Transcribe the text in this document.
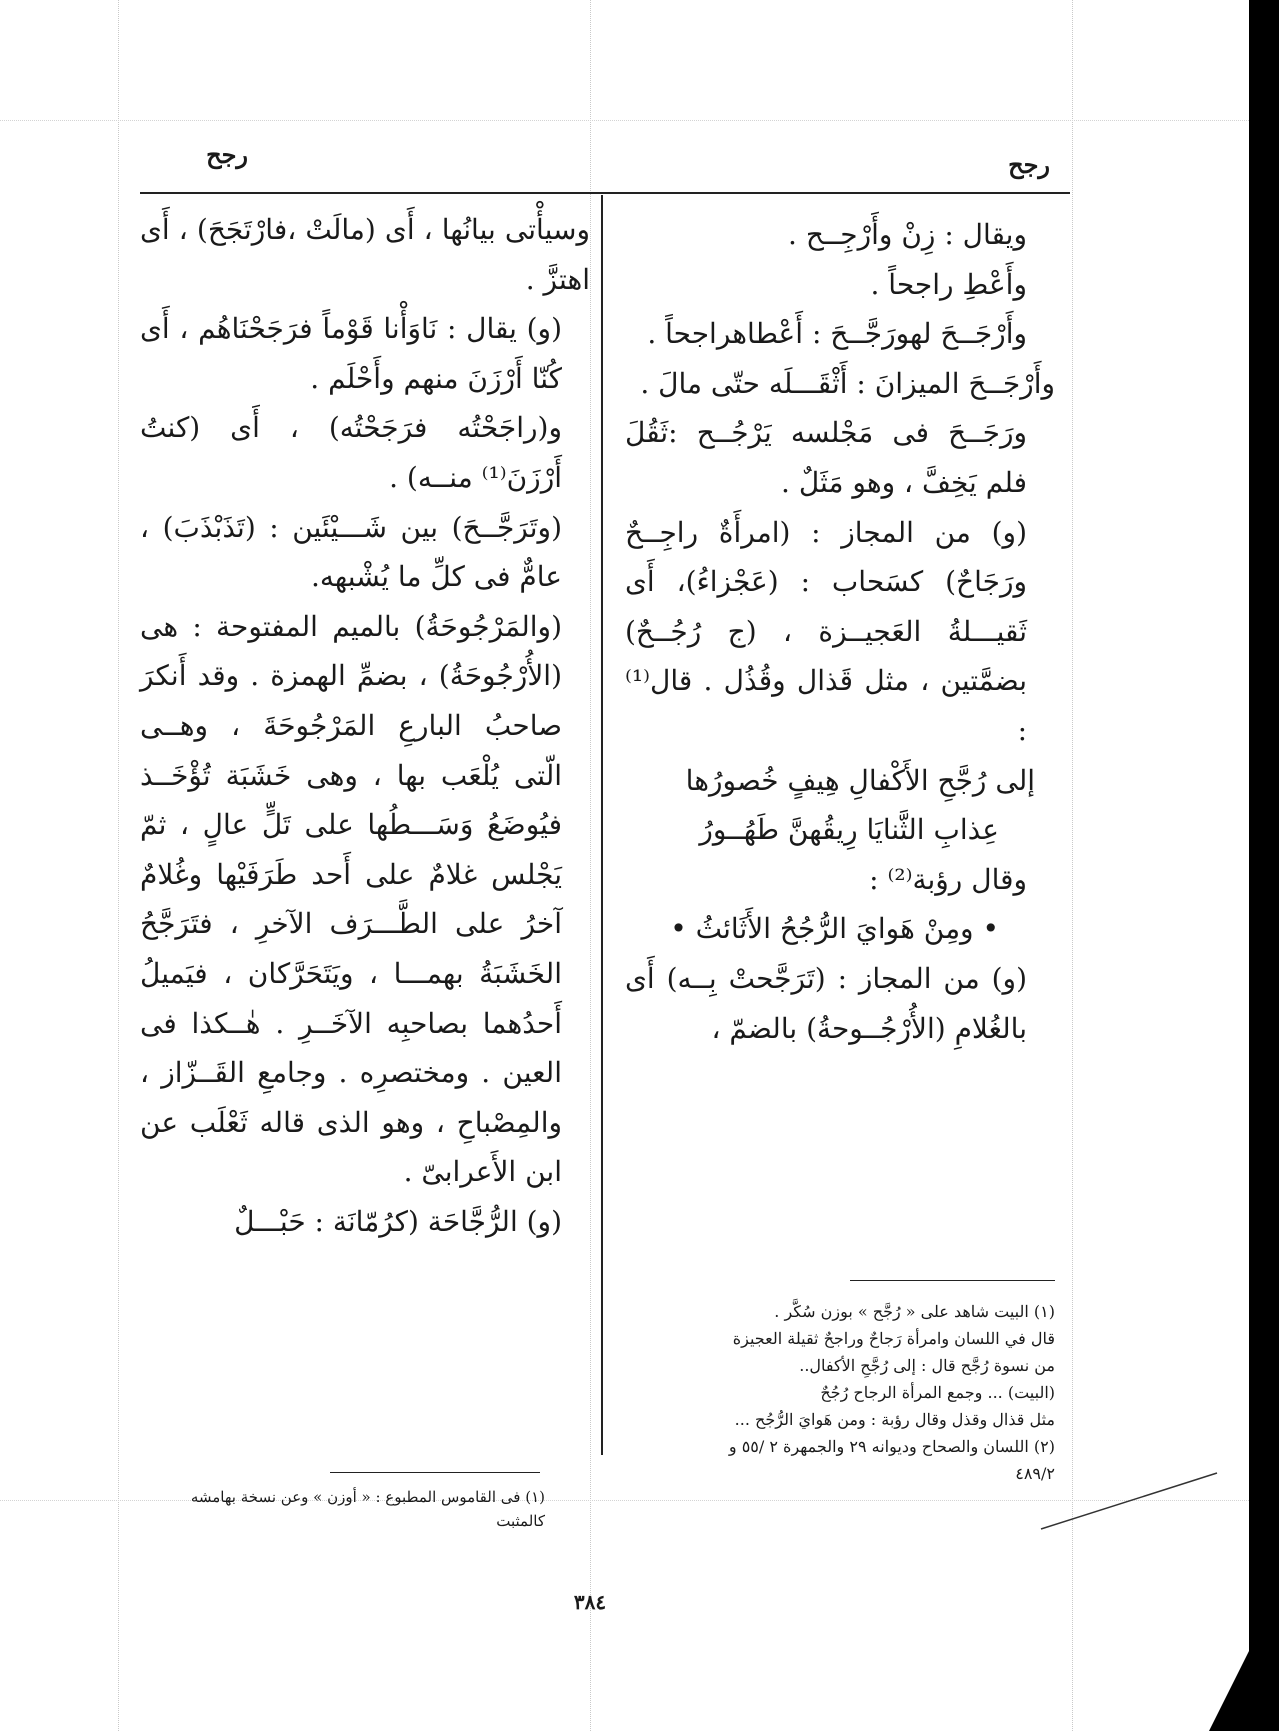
رجح
رجح

ويقال : زِنْ وأَرْجِــح .

وأَعْطِ راجحاً .

وأَرْجَــحَ لهورَجَّــحَ : أَعْطاهراجحاً .

وأَرْجَــحَ الميزانَ : أَثْقَـــلَه حتّى مالَ .

ورَجَــحَ فى مَجْلسه يَرْجُــح :ثَقُلَ فلم يَخِفَّ ، وهو مَثَلٌ .

(و) من المجاز : (امرأَةٌ راجِــحٌ ورَجَاحٌ) كسَحاب : (عَجْزاءُ)، أَى ثَقيـــلةُ العَجيــزة ، (ج رُجُــحٌ) بضمَّتين ، مثل قَذال وقُذُل . قال⁽¹⁾ :

إلى رُجَّحِ الأَكْفالِ هِيفٍ خُصورُها

عِذابِ الثَّنايَا رِيقُهنَّ طَهُــورُ

وقال رؤبة⁽²⁾ :

• ومِنْ هَوايَ الرُّجُحُ الأَثَائثُ •

(و) من المجاز : (تَرَجَّحتْ بِــه) أَى بالغُلامِ (الأُرْجُــوحةُ) بالضمّ ،

وسيأْتى بيانُها ، أَى (مالَتْ ،فارْتَجَحَ) ، أَى اهتزَّ .

(و) يقال : نَاوَأْنا قَوْماً فرَجَحْنَاهُم ، أَى كُنّا أَرْزَنَ منهم وأَحْلَم .

و(راجَحْتُه فرَجَحْتُه) ، أَى (كنتُ أَرْزَنَ⁽¹⁾ منــه) .

(وتَرَجَّــحَ) بين شَـــيْئَين : (تَذَبْذَبَ) ، عامٌّ فى كلِّ ما يُشْبهه.

(والمَرْجُوحَةُ) بالميم المفتوحة : هى (الأُرْجُوحَةُ) ، بضمِّ الهمزة . وقد أَنكرَ صاحبُ البارعِ المَرْجُوحَةَ ، وهــى الّتى يُلْعَب بها ، وهى خَشَبَة تُؤْخَــذ فيُوضَعُ وَسَـــطُها على تَلٍّ عالٍ ، ثمّ يَجْلس غلامٌ على أَحد طَرَفَيْها وغُلامٌ آخرُ على الطَّـــرَف الآخرِ ، فتَرَجَّحُ الخَشَبَةُ بهمـــا ، ويَتَحَرَّكان ، فيَميلُ أَحدُهما بصاحبِه الآخَــرِ . هٰــكذا فى العين . ومختصرِه . وجامعِ القَــزّاز ، والمِصْباحِ ، وهو الذى قاله ثَعْلَب عن ابن الأَعرابىّ .

(و) الرُّجَّاحَة (كرُمّانَة : حَبْـــلٌ

(١) البيت شاهد على « رُجَّح » بوزن سُكَّر .

قال في اللسان وامرأة رَجاحٌ وراجحٌ ثقيلة العجيزة

من نسوة رُجَّح قال : إلى رُجَّحِ الأكفال..

(البيت) ... وجمع المرأة الرجاح رُجُحٌ

مثل قذال وقذل وقال رؤبة : ومن هَوايَ الرُّجُح ...

(٢) اللسان والصحاح وديوانه ٢٩ والجمهرة ٢ /٥٥ و

٤٨٩/٢

(١) فى القاموس المطبوع : « أوزن » وعن نسخة بهامشه

كالمثبت

٣٨٤
